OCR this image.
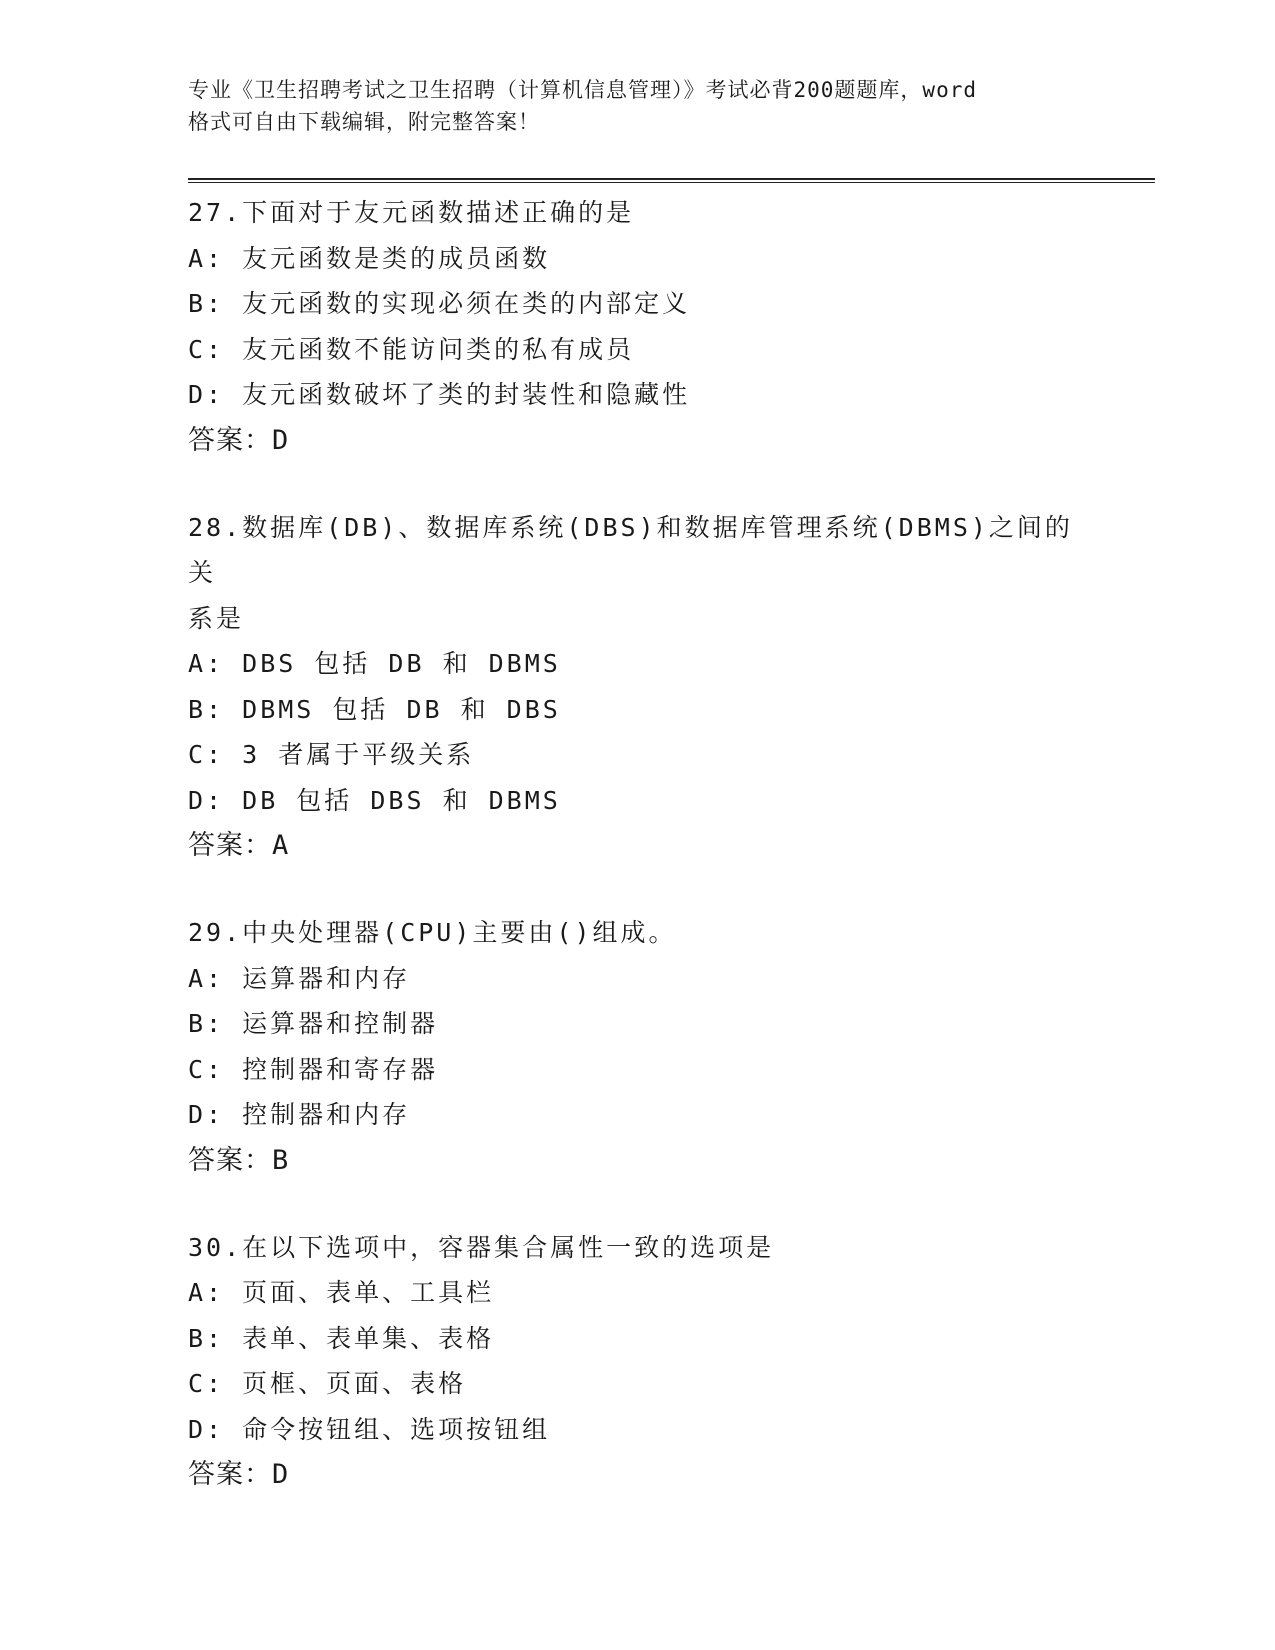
专业《卫生招聘考试之卫生招聘（计算机信息管理）》考试必背200题题库，word
格式可自由下载编辑，附完整答案！

27.下面对于友元函数描述正确的是

A: 友元函数是类的成员函数

B: 友元函数的实现必须在类的内部定义

C: 友元函数不能访问类的私有成员

D: 友元函数破坏了类的封装性和隐藏性

答案：D

28.数据库(DB)、数据库系统(DBS)和数据库管理系统(DBMS)之间的关

系是

A: DBS 包括 DB 和 DBMS

B: DBMS 包括 DB 和 DBS

C: 3 者属于平级关系

D: DB 包括 DBS 和 DBMS

答案：A

29.中央处理器(CPU)主要由()组成。

A: 运算器和内存

B: 运算器和控制器

C: 控制器和寄存器

D: 控制器和内存

答案：B

30.在以下选项中，容器集合属性一致的选项是

A: 页面、表单、工具栏

B: 表单、表单集、表格

C: 页框、页面、表格

D: 命令按钮组、选项按钮组

答案：D
